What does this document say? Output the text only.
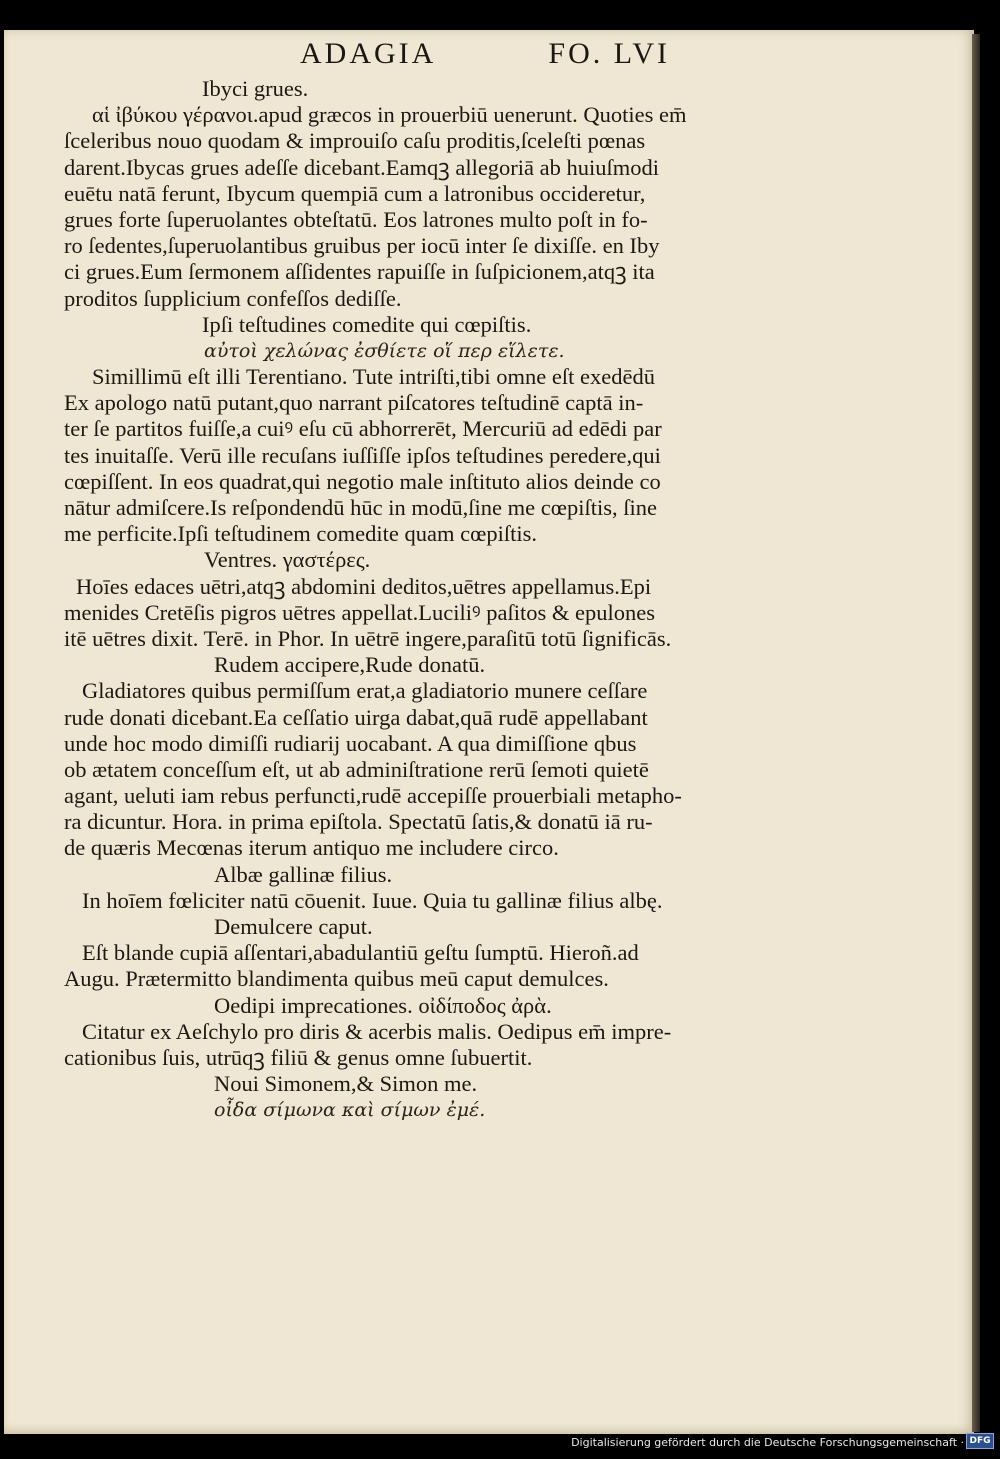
ADAGIA	FO. LVI
Ibyci grues.
αἱ ἰβύκου γέρανοι.apud græcos in prouerbiū uenerunt. Quoties em̄
ſceleribus nouo quodam & improuiſo caſu proditis,ſceleſti pœnas
darent.Ibycas grues adeſſe dicebant.Eamqꝫ allegoriā ab huiuſmodi
euētu natā ferunt, Ibycum quempiā cum a latronibus occideretur,
grues forte ſuperuolantes obteſtatū. Eos latrones multo poſt in fo-
ro ſedentes,ſuperuolantibus gruibus per iocū inter ſe dixiſſe. en Iby
ci grues.Eum ſermonem aſſidentes rapuiſſe in ſuſpicionem,atqꝫ ita
proditos ſupplicium confeſſos dediſſe.
Ipſi teſtudines comedite qui cœpiſtis.
αὐτοὶ χελώνας ἐσθίετε οἵ περ εἵλετε.
Simillimū eſt illi Terentiano. Tute intriſti,tibi omne eſt exedēdū
Ex apologo natū putant,quo narrant piſcatores teſtudinē captā in-
ter ſe partitos fuiſſe,a cuiꝰ eſu cū abhorrerēt, Mercuriū ad edēdi par
tes inuitaſſe. Verū ille recuſans iuſſiſſe ipſos teſtudines peredere,qui
cœpiſſent. In eos quadrat,qui negotio male inſtituto alios deinde co
nātur admiſcere.Is reſpondendū hūc in modū,ſine me cœpiſtis, ſine
me perficite.Ipſi teſtudinem comedite quam cœpiſtis.
Ventres. γαστέρες.
Hoīes edaces uētri,atqꝫ abdomini deditos,uētres appellamus.Epi
menides Cretēſis pigros uētres appellat.Luciliꝰ paſitos & epulones
itē uētres dixit. Terē. in Phor. In uētrē ingere,paraſitū totū ſignificās.
Rudem accipere,Rude donatū.
Gladiatores quibus permiſſum erat,a gladiatorio munere ceſſare
rude donati dicebant.Ea ceſſatio uirga dabat,quā rudē appellabant
unde hoc modo dimiſſi rudiarij uocabant. A qua dimiſſione qbus
ob ætatem conceſſum eſt, ut ab adminiſtratione rerū ſemoti quietē
agant, ueluti iam rebus perfuncti,rudē accepiſſe prouerbiali metapho-
ra dicuntur. Hora. in prima epiſtola. Spectatū ſatis,& donatū iā ru-
de quæris Mecœnas iterum antiquo me includere circo.
Albæ gallinæ filius.
In hoīem fœliciter natū cōuenit. Iuue. Quia tu gallinæ filius albę.
Demulcere caput.
Eſt blande cupiā aſſentari,abadulantiū geſtu ſumptū. Hieroñ.ad
Augu. Prætermitto blandimenta quibus meū caput demulces.
Oedipi imprecationes. οἰδίποδος ἀρὰ.
Citatur ex Aeſchylo pro diris & acerbis malis. Oedipus em̄ impre-
cationibus ſuis, utrūqꝫ filiū & genus omne ſubuertit.
Noui Simonem,& Simon me.
οἶδα σίμωνα καὶ σίμων ἐμέ.
Digitalisierung gefördert durch die Deutsche Forschungsgemeinschaft · DFG
